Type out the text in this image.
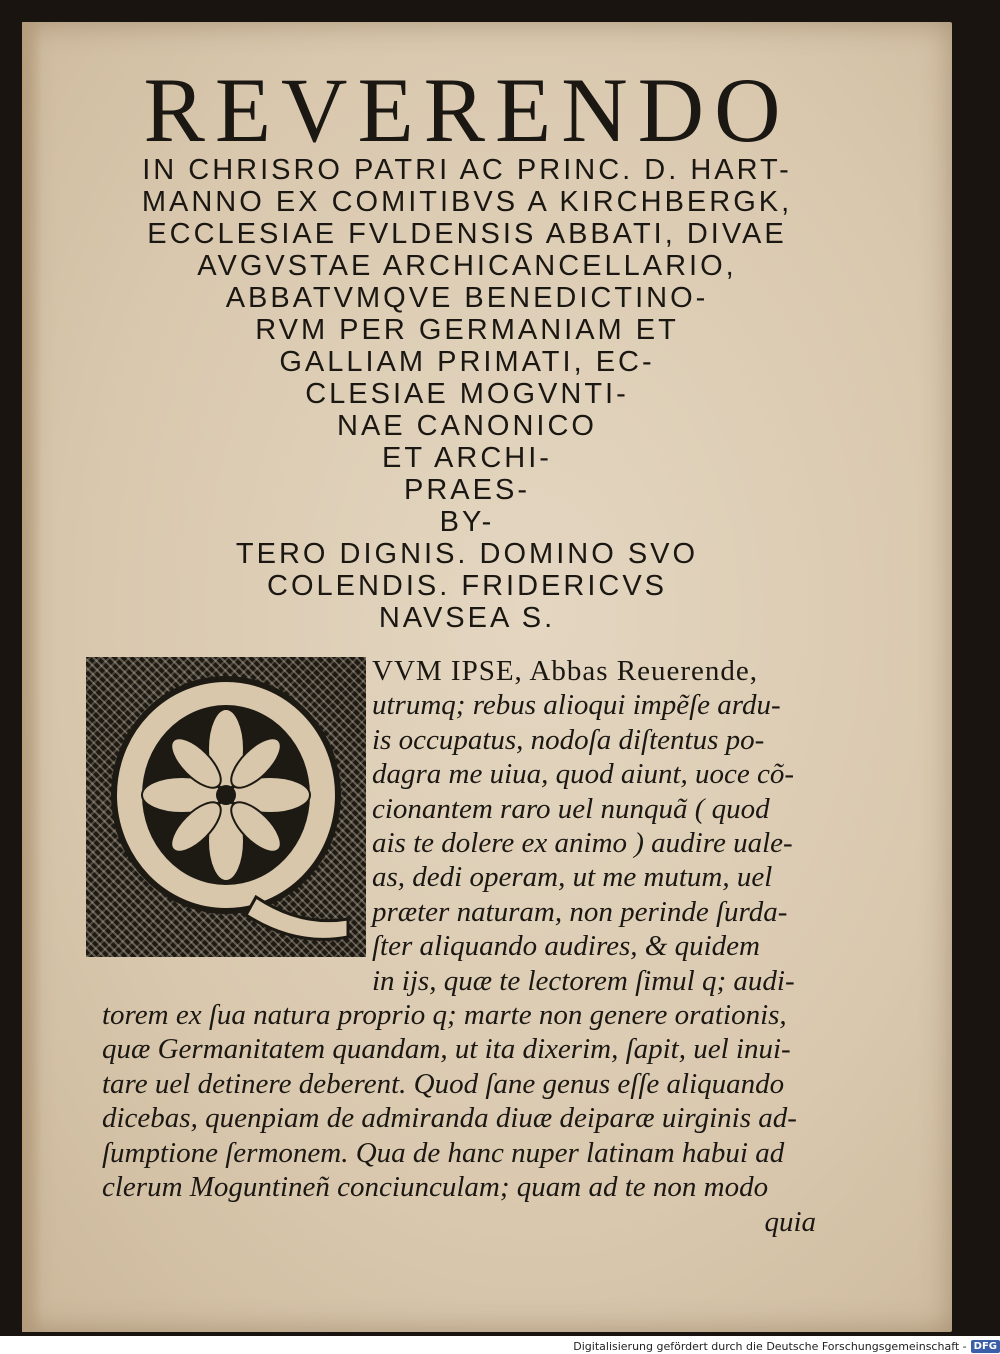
REVERENDO
IN CHRISRO PATRI AC PRINC. D. HART-
MANNO EX COMITIBVS A KIRCHBERGK,
ECCLESIAE FVLDENSIS ABBATI, DIVAE
AVGVSTAE ARCHICANCELLARIO,
ABBATVMQVE BENEDICTINO-
RVM PER GERMANIAM ET
GALLIAM PRIMATI, EC-
CLESIAE MOGVNTI-
NAE CANONICO
ET ARCHI-
PRAES-
BY-
TERO DIGNIS. DOMINO SVO
COLENDIS. FRIDERICVS
NAVSEA S.
VVM IPSE, Abbas Reuerende,
utrumq; rebus alioqui impẽſe ardu-
is occupatus, nodoſa diſtentus po-
dagra me uiua, quod aiunt, uoce cõ-
cionantem raro uel nunquã ( quod
ais te dolere ex animo ) audire uale-
as, dedi operam, ut me mutum, uel
præter naturam, non perinde ſurda-
ſter aliquando audires, & quidem
in ijs, quæ te lectorem ſimul q; audi-
torem ex ſua natura proprio q; marte non genere orationis,
quæ Germanitatem quandam, ut ita dixerim, ſapit, uel inui-
tare uel detinere deberent. Quod ſane genus eſſe aliquando
dicebas, quenpiam de admiranda diuæ deiparæ uirginis ad-
ſumptione ſermonem. Qua de hanc nuper latinam habui ad
clerum Moguntineñ conciunculam; quam ad te non modo
quia
Digitalisierung gefördert durch die Deutsche Forschungsgemeinschaft - DFG
